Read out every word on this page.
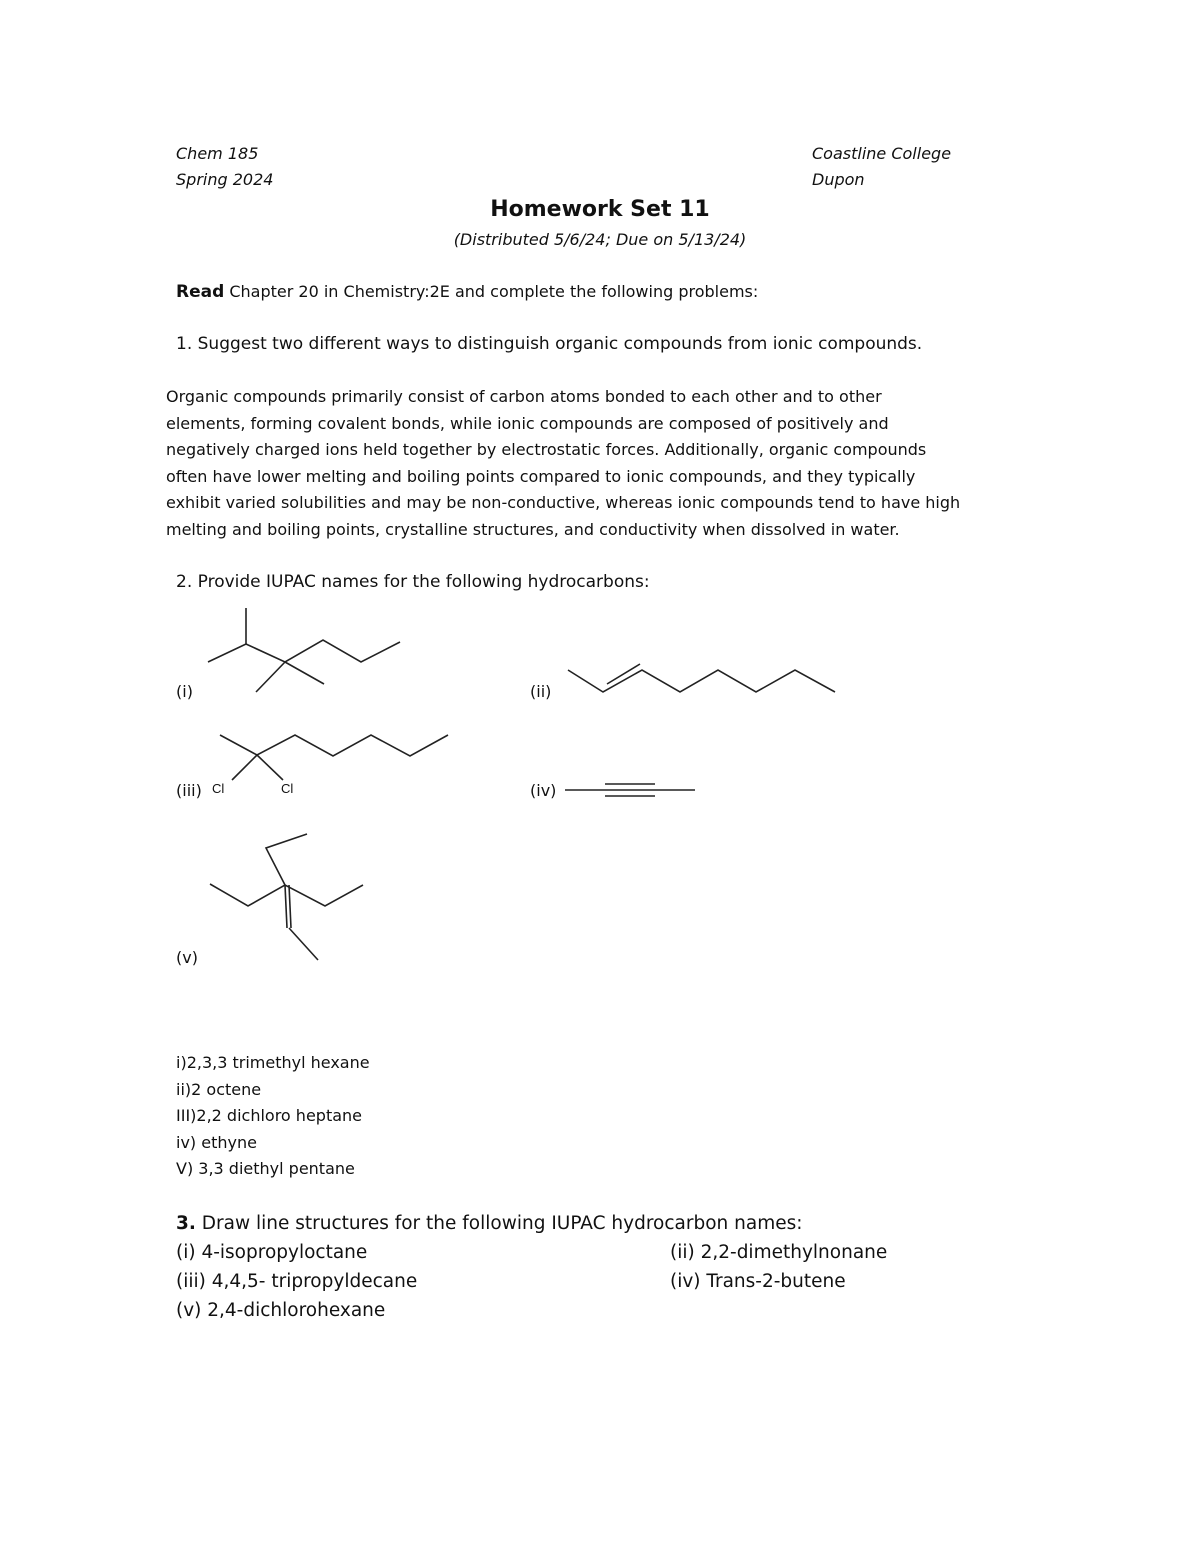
Chem 185
Spring 2024
Coastline College
Dupon
Homework Set 11
(Distributed 5/6/24; Due on 5/13/24)
Read Chapter 20 in Chemistry:2E and complete the following problems:
1. Suggest two different ways to distinguish organic compounds from ionic compounds.
Organic compounds primarily consist of carbon atoms bonded to each other and to other
elements, forming covalent bonds, while ionic compounds are composed of positively and
negatively charged ions held together by electrostatic forces. Additionally, organic compounds
often have lower melting and boiling points compared to ionic compounds, and they typically
exhibit varied solubilities and may be non-conductive, whereas ionic compounds tend to have high
melting and boiling points, crystalline structures, and conductivity when dissolved in water.
2. Provide IUPAC names for the following hydrocarbons:
(i)	(ii)
(iii)	(iv)
(v)
Cl	Cl
i)2,3,3 trimethyl hexane
ii)2 octene
III)2,2 dichloro heptane
iv) ethyne
V) 3,3 diethyl pentane
3. Draw line structures for the following IUPAC hydrocarbon names:
(i) 4-isopropyloctane	(ii) 2,2-dimethylnonane
(iii) 4,4,5- tripropyldecane	(iv) Trans-2-butene
(v) 2,4-dichlorohexane
